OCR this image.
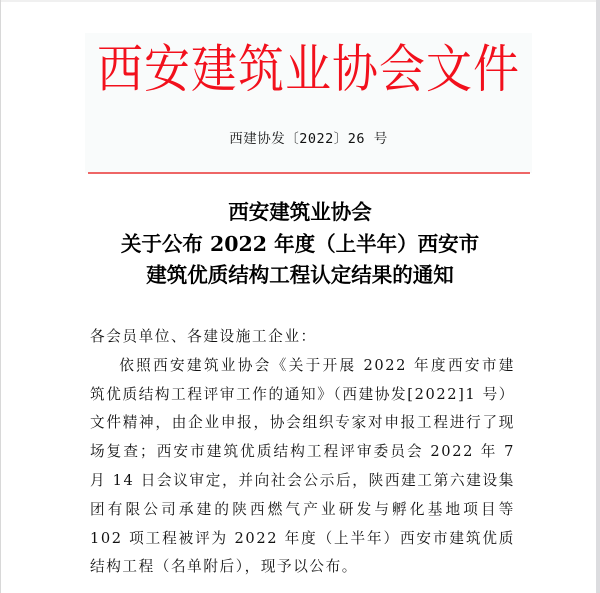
西安建筑业协会文件
西建协发〔2022〕26 号
西安建筑业协会
关于公布 2022 年度（上半年）西安市
建筑优质结构工程认定结果的通知

各会员单位、各建设施工企业：

依照西安建筑业协会《关于开展 2022 年度西安市建筑优质结构工程评审工作的通知》（西建协发[2022]1 号）文件精神，由企业申报，协会组织专家对申报工程进行了现场复查；西安市建筑优质结构工程评审委员会 2022 年 7 月 14 日会议审定，并向社会公示后，陕西建工第六建设集团有限公司承建的陕西燃气产业研发与孵化基地项目等 102 项工程被评为 2022 年度（上半年）西安市建筑优质结构工程（名单附后），现予以公布。
